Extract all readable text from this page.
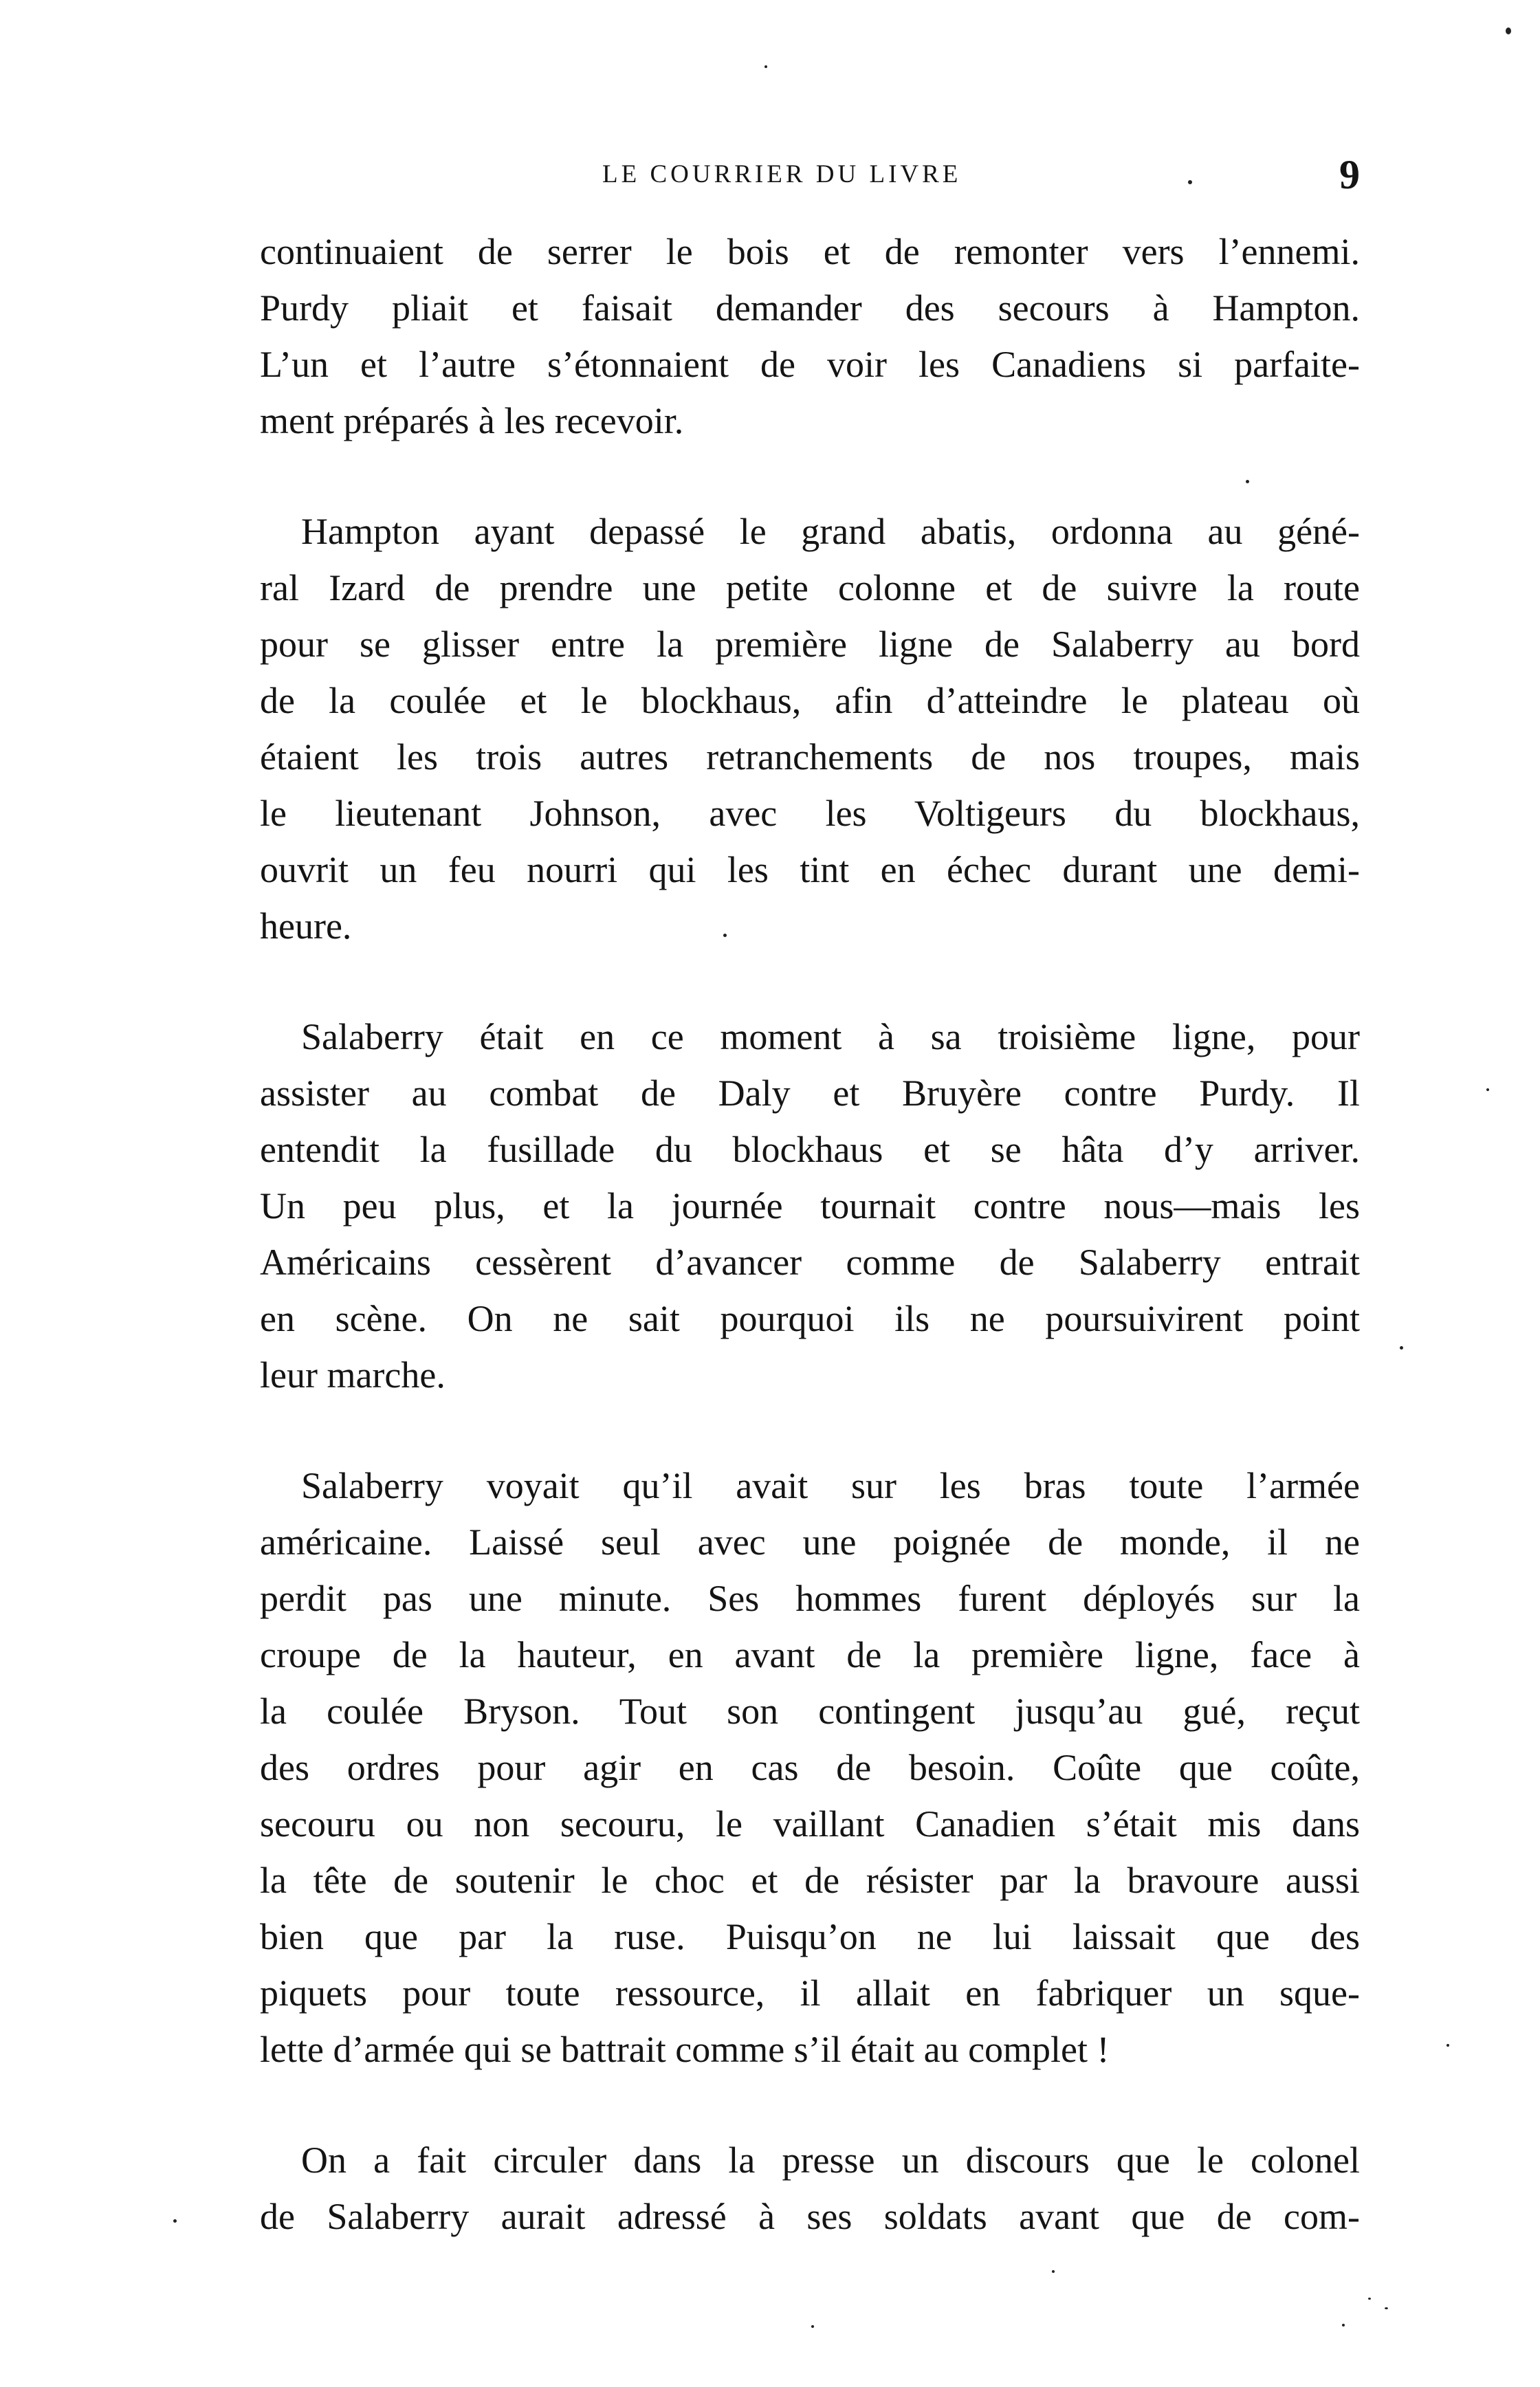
LE COURRIER DU LIVRE	9
continuaient de serrer le bois et de remonter vers l’ennemi.
Purdy pliait et faisait demander des secours à Hampton.
L’un et l’autre s’étonnaient de voir les Canadiens si parfaite-
ment préparés à les recevoir.
Hampton ayant depassé le grand abatis, ordonna au géné-
ral Izard de prendre une petite colonne et de suivre la route
pour se glisser entre la première ligne de Salaberry au bord
de la coulée et le blockhaus, afin d’atteindre le plateau où
étaient les trois autres retranchements de nos troupes, mais
le lieutenant Johnson, avec les Voltigeurs du blockhaus,
ouvrit un feu nourri qui les tint en échec durant une demi-
heure.
Salaberry était en ce moment à sa troisième ligne, pour
assister au combat de Daly et Bruyère contre Purdy. Il
entendit la fusillade du blockhaus et se hâta d’y arriver.
Un peu plus, et la journée tournait contre nous—mais les
Américains cessèrent d’avancer comme de Salaberry entrait
en scène. On ne sait pourquoi ils ne poursuivirent point
leur marche.
Salaberry voyait qu’il avait sur les bras toute l’armée
américaine. Laissé seul avec une poignée de monde, il ne
perdit pas une minute. Ses hommes furent déployés sur la
croupe de la hauteur, en avant de la première ligne, face à
la coulée Bryson. Tout son contingent jusqu’au gué, reçut
des ordres pour agir en cas de besoin. Coûte que coûte,
secouru ou non secouru, le vaillant Canadien s’était mis dans
la tête de soutenir le choc et de résister par la bravoure aussi
bien que par la ruse. Puisqu’on ne lui laissait que des
piquets pour toute ressource, il allait en fabriquer un sque-
lette d’armée qui se battrait comme s’il était au complet !
On a fait circuler dans la presse un discours que le colonel
de Salaberry aurait adressé à ses soldats avant que de com-
